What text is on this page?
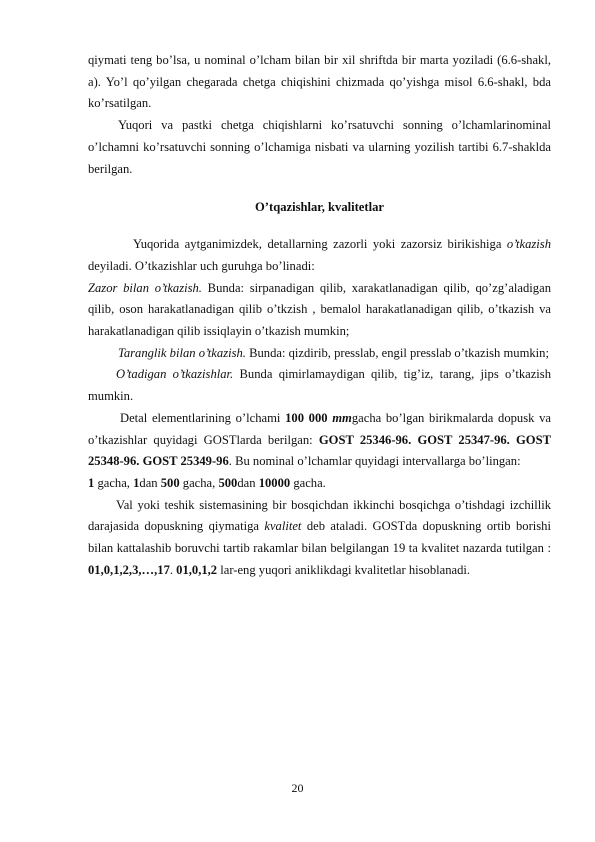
qiymati teng bo’lsa, u nominal o’lcham bilan bir xil shriftda bir marta yoziladi (6.6-shakl, a). Yo’l qo’yilgan chegarada chetga chiqishini chizmada qo’yishga misol 6.6-shakl, bda ko’rsatilgan.

Yuqori va pastki chetga chiqishlarni ko’rsatuvchi sonning o’lchamlarinominal o’lchamni ko’rsatuvchi sonning o’lchamiga nisbati va ularning yozilish tartibi 6.7-shaklda berilgan.

O’tqazishlar, kvalitetlar

Yuqorida aytganimizdek, detallarning zazorli yoki zazorsiz birikishiga o’tkazish deyiladi. O’tkazishlar uch guruhga bo’linadi:

Zazor bilan o’tkazish. Bunda: sirpanadigan qilib, xarakatlanadigan qilib, qo’zg’aladigan qilib, oson harakatlanadigan qilib o’tkzish , bemalol harakatlanadigan qilib, o’tkazish va harakatlanadigan qilib issiqlayin o’tkazish mumkin;

Taranglik bilan o’tkazish. Bunda: qizdirib, presslab, engil presslab o’tkazish mumkin;

O’tadigan o’tkazishlar. Bunda qimirlamaydigan qilib, tig’iz, tarang, jips o’tkazish mumkin.

Detal elementlarining o’lchami 100 000 mmgacha bo’lgan birikmalarda dopusk va o’tkazishlar quyidagi GOSTlarda berilgan: GOST 25346-96. GOST 25347-96. GOST 25348-96. GOST 25349-96. Bu nominal o’lchamlar quyidagi intervallarga bo’lingan:

1 gacha, 1dan 500 gacha, 500dan 10000 gacha.

Val yoki teshik sistemasining bir bosqichdan ikkinchi bosqichga o’tishdagi izchillik darajasida dopuskning qiymatiga kvalitet deb ataladi. GOSTda dopuskning ortib borishi bilan kattalashib boruvchi tartib rakamlar bilan belgilangan 19 ta kvalitet nazarda tutilgan : 01,0,1,2,3,…,17. 01,0,1,2 lar-eng yuqori aniklikdagi kvalitetlar hisoblanadi.

20
